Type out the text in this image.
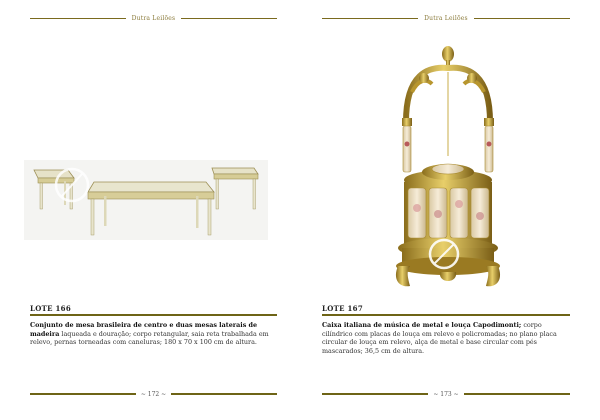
Dutra Leilões
LOTE 166
Conjunto de mesa brasileira de centro e duas mesas laterais de madeira laqueada e douração; corpo retangular, saia reta trabalhada em relevo, pernas torneadas com caneluras; 180 x 70 x 100 cm de altura.
~ 172 ~
Dutra Leilões
LOTE 167
Caixa italiana de música de metal e louça Capodimonti; corpo cilíndrico com placas de louça em relevo e policromadas; no plano placa circular de louça em relevo, alça de metal e base circular com pés mascarados; 36,5 cm de altura.
~ 173 ~
